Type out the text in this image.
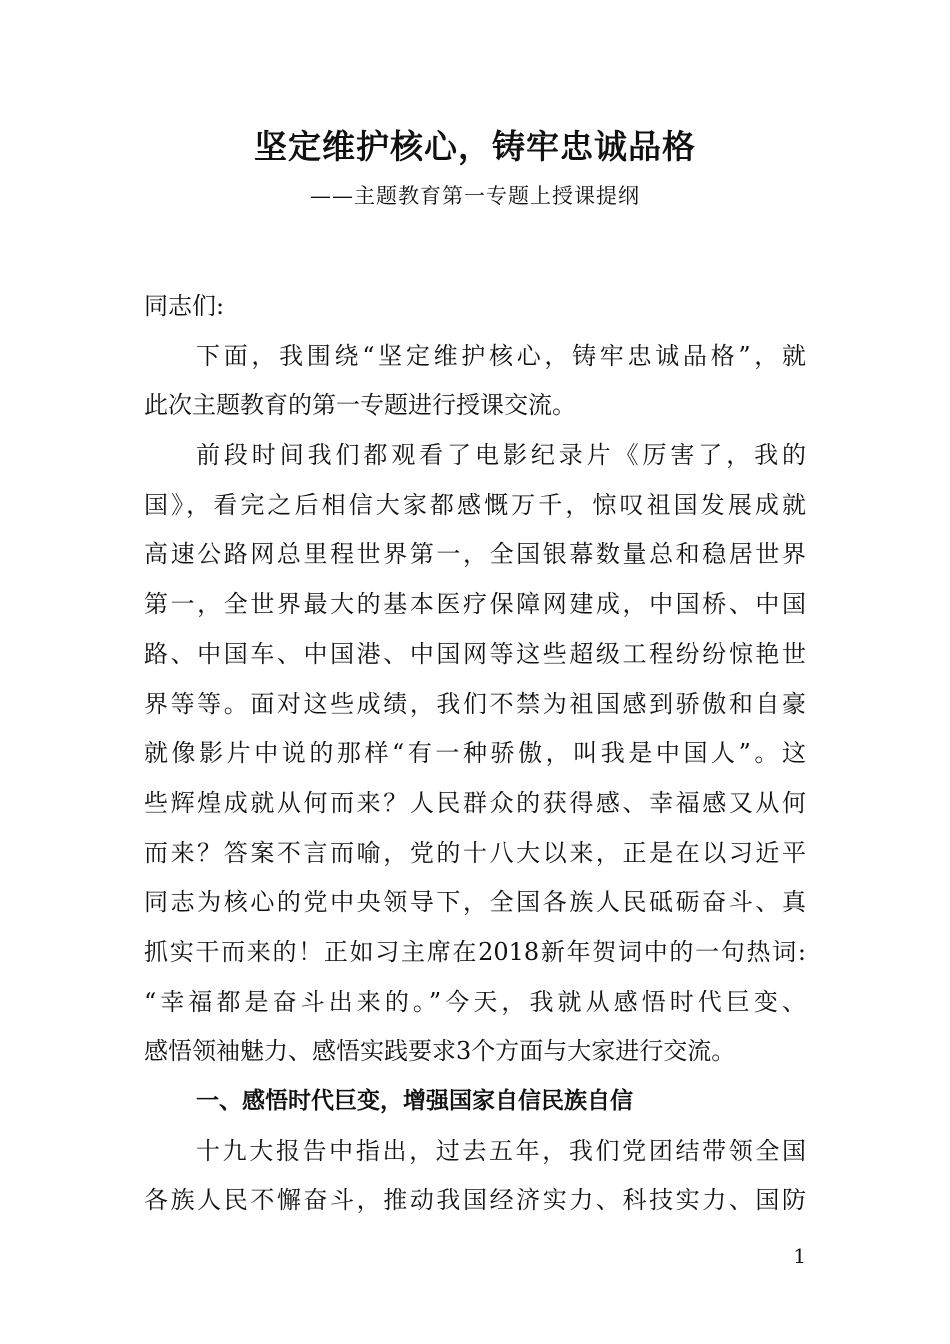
坚定维护核心，铸牢忠诚品格
——主题教育第一专题上授课提纲
同志们:
下面，我围绕“坚定维护核心，铸牢忠诚品格”，就
此次主题教育的第一专题进行授课交流。
前段时间我们都观看了电影纪录片《厉害了，我的
国》，看完之后相信大家都感慨万千，惊叹祖国发展成就
高速公路网总里程世界第一，全国银幕数量总和稳居世界
第一，全世界最大的基本医疗保障网建成，中国桥、中国
路、中国车、中国港、中国网等这些超级工程纷纷惊艳世
界等等。面对这些成绩，我们不禁为祖国感到骄傲和自豪
就像影片中说的那样“有一种骄傲，叫我是中国人”。这
些辉煌成就从何而来？人民群众的获得感、幸福感又从何
而来？答案不言而喻，党的十八大以来，正是在以习近平
同志为核心的党中央领导下，全国各族人民砥砺奋斗、真
抓实干而来的！正如习主席在2018新年贺词中的一句热词:
“幸福都是奋斗出来的。”今天，我就从感悟时代巨变、
感悟领袖魅力、感悟实践要求3个方面与大家进行交流。
一、感悟时代巨变，增强国家自信民族自信
十九大报告中指出，过去五年，我们党团结带领全国
各族人民不懈奋斗，推动我国经济实力、科技实力、国防
1
